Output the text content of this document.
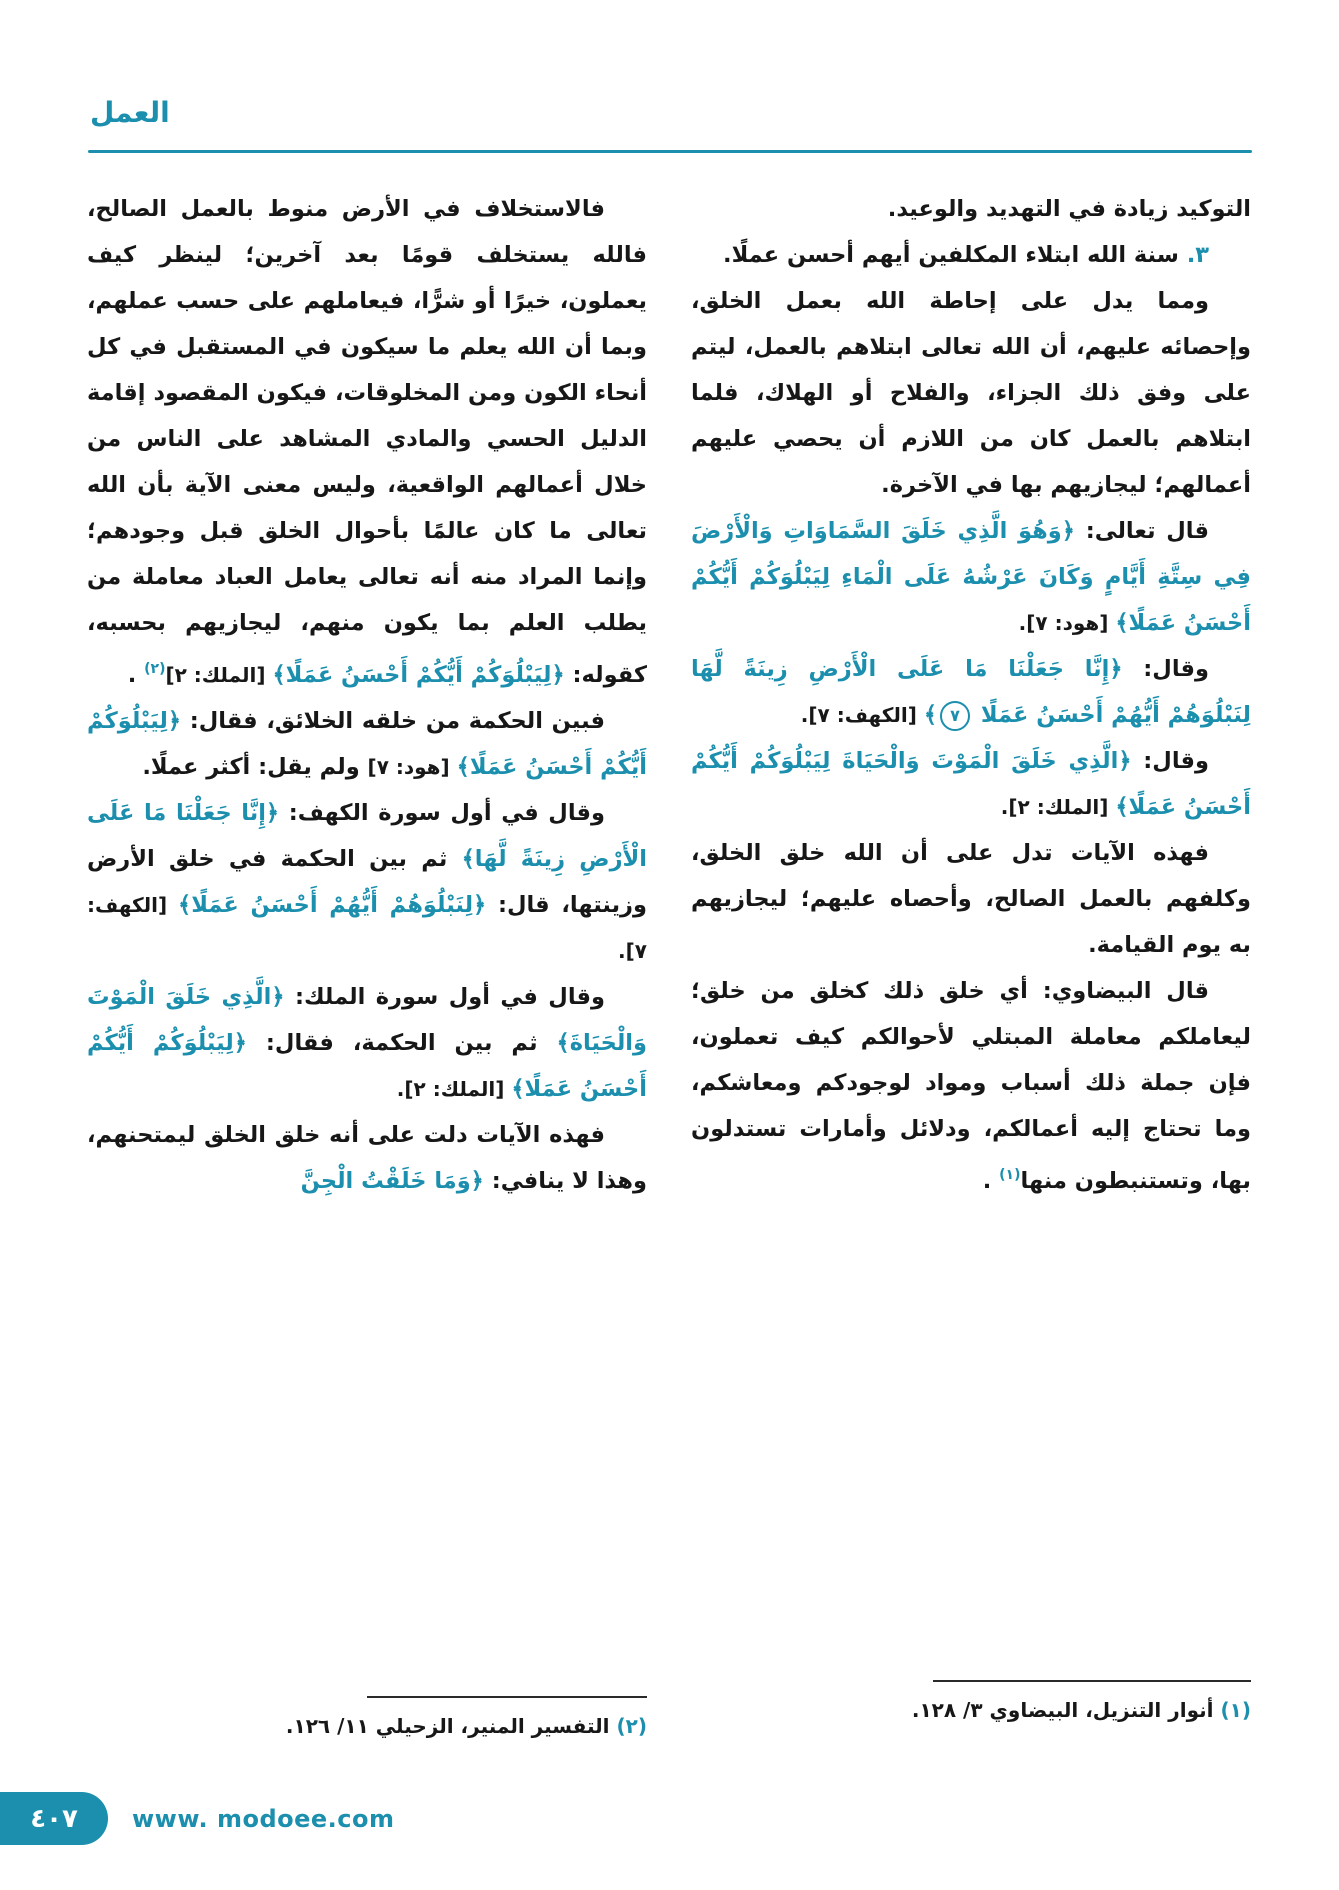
العمل

التوكيد زيادة في التهديد والوعيد.

٣. سنة الله ابتلاء المكلفين أيهم أحسن عملًا.

ومما يدل على إحاطة الله بعمل الخلق، وإحصائه عليهم، أن الله تعالى ابتلاهم بالعمل، ليتم على وفق ذلك الجزاء، والفلاح أو الهلاك، فلما ابتلاهم بالعمل كان من اللازم أن يحصي عليهم أعمالهم؛ ليجازيهم بها في الآخرة.

قال تعالى: ﴿وَهُوَ الَّذِي خَلَقَ السَّمَاوَاتِ وَالْأَرْضَ فِي سِتَّةِ أَيَّامٍ وَكَانَ عَرْشُهُ عَلَى الْمَاءِ لِيَبْلُوَكُمْ أَيُّكُمْ أَحْسَنُ عَمَلًا﴾ [هود: ٧].

وقال: ﴿إِنَّا جَعَلْنَا مَا عَلَى الْأَرْضِ زِينَةً لَّهَا لِنَبْلُوَهُمْ أَيُّهُمْ أَحْسَنُ عَمَلًا ٧﴾ [الكهف: ٧].

وقال: ﴿الَّذِي خَلَقَ الْمَوْتَ وَالْحَيَاةَ لِيَبْلُوَكُمْ أَيُّكُمْ أَحْسَنُ عَمَلًا﴾ [الملك: ٢].

فهذه الآيات تدل على أن الله خلق الخلق، وكلفهم بالعمل الصالح، وأحصاه عليهم؛ ليجازيهم به يوم القيامة.

قال البيضاوي: أي خلق ذلك كخلق من خلق؛ ليعاملكم معاملة المبتلي لأحوالكم كيف تعملون، فإن جملة ذلك أسباب ومواد لوجودكم ومعاشكم، وما تحتاج إليه أعمالكم، ودلائل وأمارات تستدلون بها، وتستنبطون منها$^{(١)}$ .

(١) أنوار التنزيل، البيضاوي ٣/ ١٢٨.

فالاستخلاف في الأرض منوط بالعمل الصالح، فالله يستخلف قومًا بعد آخرين؛ لينظر كيف يعملون، خيرًا أو شرًّا، فيعاملهم على حسب عملهم، وبما أن الله يعلم ما سيكون في المستقبل في كل أنحاء الكون ومن المخلوقات، فيكون المقصود إقامة الدليل الحسي والمادي المشاهد على الناس من خلال أعمالهم الواقعية، وليس معنى الآية بأن الله تعالى ما كان عالمًا بأحوال الخلق قبل وجودهم؛ وإنما المراد منه أنه تعالى يعامل العباد معاملة من يطلب العلم بما يكون منهم، ليجازيهم بحسبه، كقوله: ﴿لِيَبْلُوَكُمْ أَيُّكُمْ أَحْسَنُ عَمَلًا﴾ [الملك: ٢]$^{(٢)}$ .

فبين الحكمة من خلقه الخلائق، فقال: ﴿لِيَبْلُوَكُمْ أَيُّكُمْ أَحْسَنُ عَمَلًا﴾ [هود: ٧] ولم يقل: أكثر عملًا.

وقال في أول سورة الكهف: ﴿إِنَّا جَعَلْنَا مَا عَلَى الْأَرْضِ زِينَةً لَّهَا﴾ ثم بين الحكمة في خلق الأرض وزينتها، قال: ﴿لِنَبْلُوَهُمْ أَيُّهُمْ أَحْسَنُ عَمَلًا﴾ [الكهف: ٧].

وقال في أول سورة الملك: ﴿الَّذِي خَلَقَ الْمَوْتَ وَالْحَيَاةَ﴾ ثم بين الحكمة، فقال: ﴿لِيَبْلُوَكُمْ أَيُّكُمْ أَحْسَنُ عَمَلًا﴾ [الملك: ٢].

فهذه الآيات دلت على أنه خلق الخلق ليمتحنهم، وهذا لا ينافي: ﴿وَمَا خَلَقْتُ الْجِنَّ

(٢) التفسير المنير، الزحيلي ١١/ ١٢٦.

٤٠٧	www. modoee.com
